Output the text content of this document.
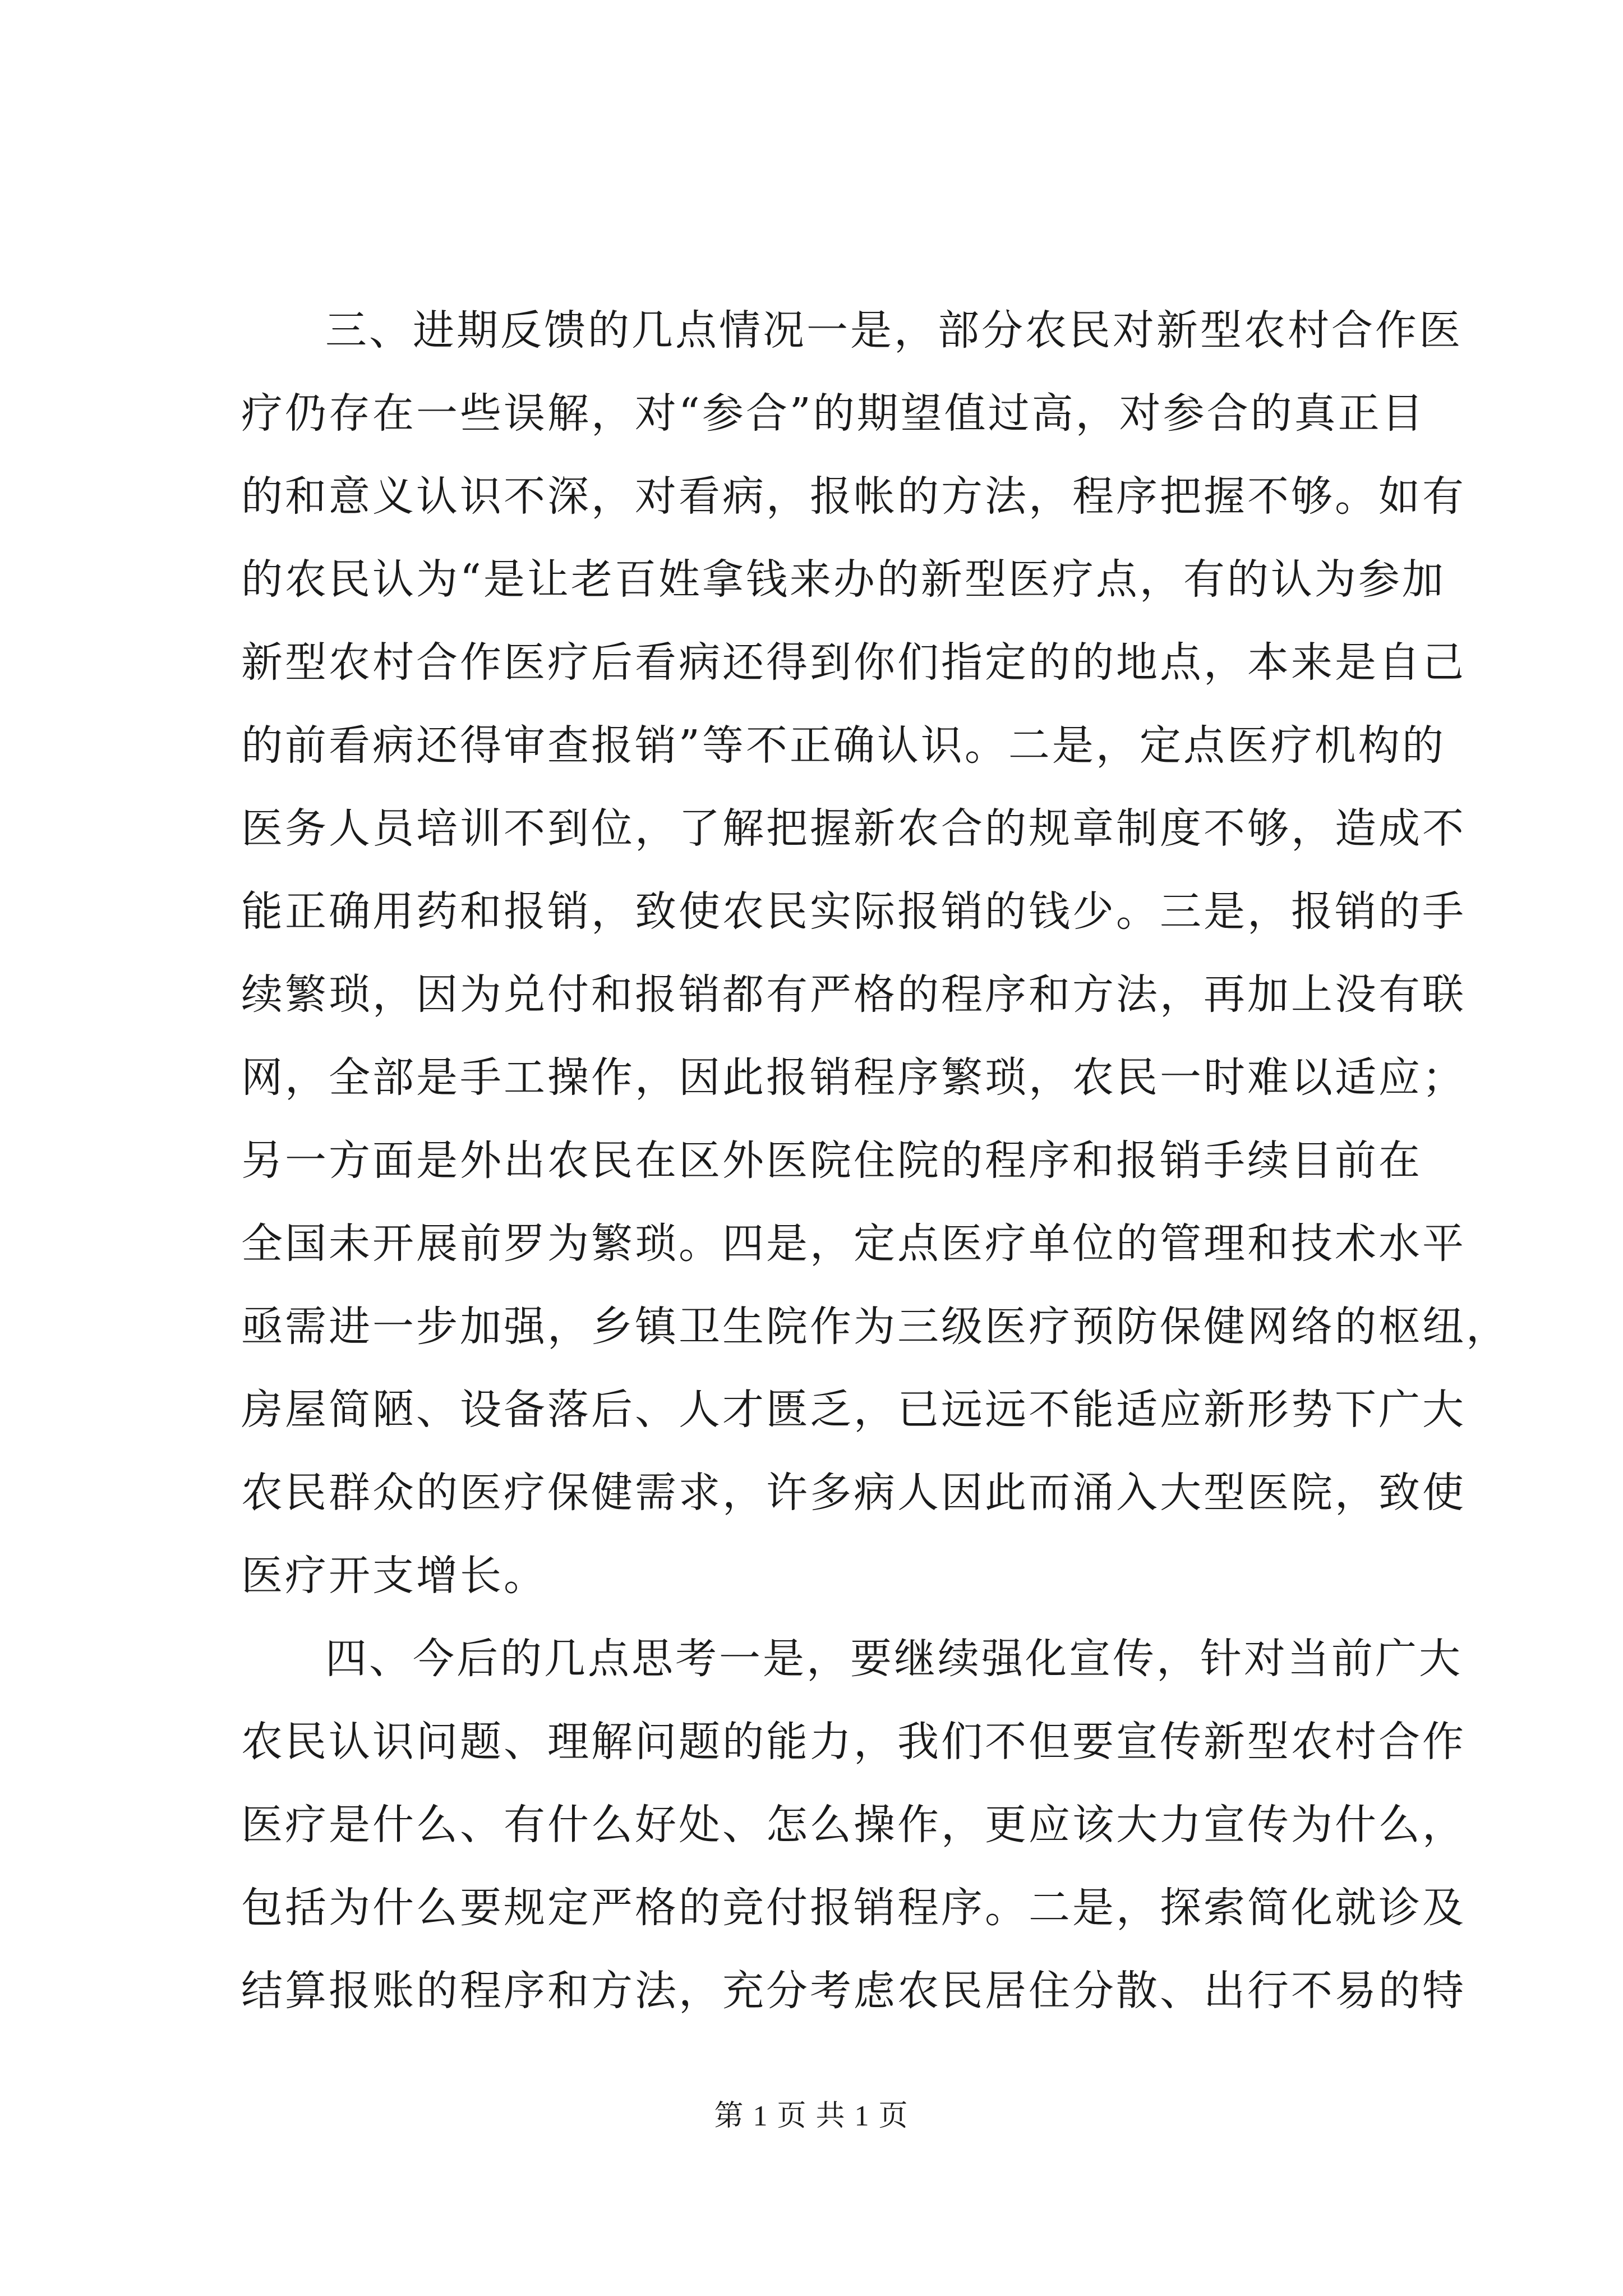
三、进期反馈的几点情况一是，部分农民对新型农村合作医
疗仍存在一些误解，对“参合”的期望值过高，对参合的真正目
的和意义认识不深，对看病，报帐的方法，程序把握不够。如有
的农民认为“是让老百姓拿钱来办的新型医疗点，有的认为参加
新型农村合作医疗后看病还得到你们指定的的地点，本来是自己
的前看病还得审查报销”等不正确认识。二是，定点医疗机构的
医务人员培训不到位，了解把握新农合的规章制度不够，造成不
能正确用药和报销，致使农民实际报销的钱少。三是，报销的手
续繁琐，因为兑付和报销都有严格的程序和方法，再加上没有联
网，全部是手工操作，因此报销程序繁琐，农民一时难以适应；
另一方面是外出农民在区外医院住院的程序和报销手续目前在
全国未开展前罗为繁琐。四是，定点医疗单位的管理和技术水平
亟需进一步加强，乡镇卫生院作为三级医疗预防保健网络的枢纽，
房屋简陋、设备落后、人才匮乏，已远远不能适应新形势下广大
农民群众的医疗保健需求，许多病人因此而涌入大型医院，致使
医疗开支增长。
四、今后的几点思考一是，要继续强化宣传，针对当前广大
农民认识问题、理解问题的能力，我们不但要宣传新型农村合作
医疗是什么、有什么好处、怎么操作，更应该大力宣传为什么，
包括为什么要规定严格的竞付报销程序。二是，探索简化就诊及
结算报账的程序和方法，充分考虑农民居住分散、出行不易的特
第 1 页 共 1 页
